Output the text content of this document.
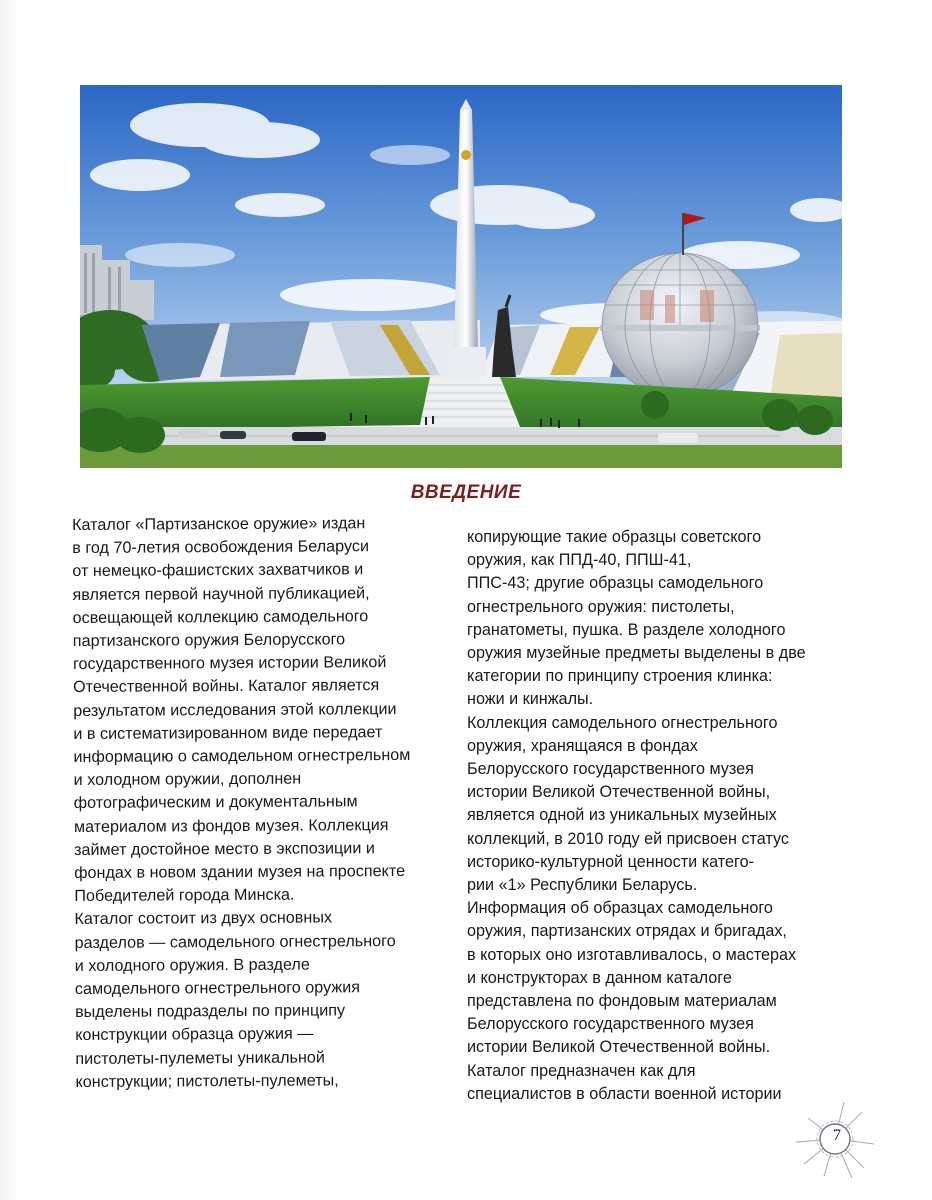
ВВЕДЕНИЕ
Каталог «Партизанское оружие» издан
в год 70-летия освобождения Беларуси
от немецко-фашистских захватчиков и
является первой научной публикацией,
освещающей коллекцию самодельного
партизанского оружия Белорусского
государственного музея истории Великой
Отечественной войны. Каталог является
результатом исследования этой коллекции
и в систематизированном виде передает
информацию о самодельном огнестрельном
и холодном оружии, дополнен
фотографическим и документальным
материалом из фондов музея. Коллекция
займет достойное место в экспозиции и
фондах в новом здании музея на проспекте
Победителей города Минска.
Каталог состоит из двух основных
разделов — самодельного огнестрельного
и холодного оружия. В разделе
самодельного огнестрельного оружия
выделены подразделы по принципу
конструкции образца оружия —
пистолеты-пулеметы уникальной
конструкции; пистолеты-пулеметы,
копирующие такие образцы советского
оружия, как ППД-40, ППШ-41,
ППС-43; другие образцы самодельного
огнестрельного оружия: пистолеты,
гранатометы, пушка. В разделе холодного
оружия музейные предметы выделены в две
категории по принципу строения клинка:
ножи и кинжалы.
Коллекция самодельного огнестрельного
оружия, хранящаяся в фондах
Белорусского государственного музея
истории Великой Отечественной войны,
является одной из уникальных музейных
коллекций, в 2010 году ей присвоен статус
историко-культурной ценности катего-
рии «1» Республики Беларусь.
Информация об образцах самодельного
оружия, партизанских отрядах и бригадах,
в которых оно изготавливалось, о мастерах
и конструкторах в данном каталоге
представлена по фондовым материалам
Белорусского государственного музея
истории Великой Отечественной войны.
Каталог предназначен как для
специалистов в области военной истории
7
